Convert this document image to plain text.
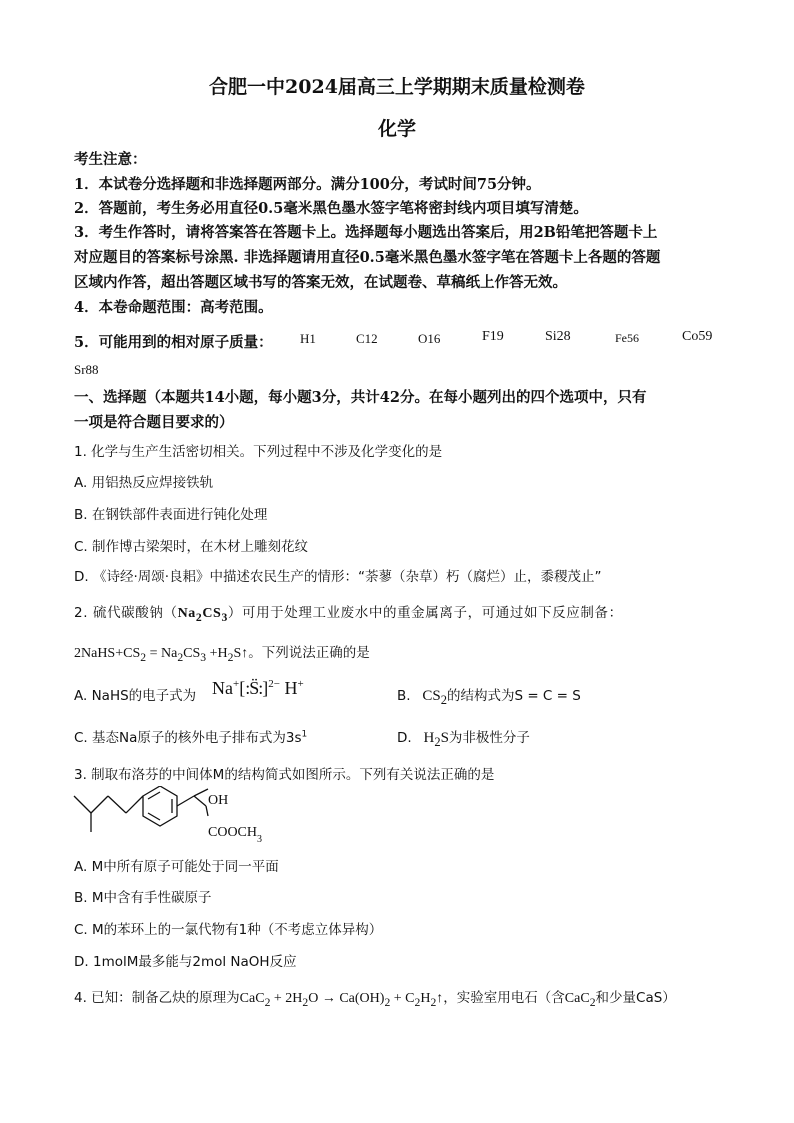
合肥一中2024届高三上学期期末质量检测卷
化学
考生注意：
1．本试卷分选择题和非选择题两部分。满分100分，考试时间75分钟。
2．答题前，考生务必用直径0.5毫米黑色墨水签字笔将密封线内项目填写清楚。
3．考生作答时，请将答案答在答题卡上。选择题每小题选出答案后，用2B铅笔把答题卡上
对应题目的答案标号涂黑. 非选择题请用直径0.5毫米黑色墨水签字笔在答题卡上各题的答题
区域内作答，超出答题区域书写的答案无效，在试题卷、草稿纸上作答无效。
4．本卷命题范围：高考范围。
5．可能用到的相对原子质量： H1	C12	O16	F19	Si28	Fe56	Co59
Sr88
一、选择题（本题共14小题，每小题3分，共计42分。在每小题列出的四个选项中，只有
一项是符合题目要求的）
1. 化学与生产生活密切相关。下列过程中不涉及化学变化的是
A. 用铝热反应焊接铁轨
B. 在钢铁部件表面进行钝化处理
C. 制作博古梁架时，在木材上雕刻花纹
D. 《诗经·周颂·良耜》中描述农民生产的情形：“荼蓼（杂草）朽（腐烂）止，黍稷茂止”
2. 硫代碳酸钠$(Na_2CS_3)$可用于处理工业废水中的重金属离子，可通过如下反应制备：
$2NaHS+CS_2 = Na_2CS_3$ $+H_2S↑$。下列说法正确的是
A. NaHS的电子式为 Na+[:S̈:]$^{2-}$ H+
B.   $CS_2$的结构式为S = C = S
C. 基态Na原子的核外电子排布式为$3s^1$	D.   $H_2S$为非极性分子
3. 制取布洛芬的中间体M的结构简式如图所示。下列有关说法正确的是
OH
$COOCH_3$
A. M中所有原子可能处于同一平面
B. M中含有手性碳原子
C. M的苯环上的一氯代物有1种（不考虑立体异构）
D. 1molM最多能与2mol NaOH反应
4. 已知：制备乙炔的原理为$CaC_2 + 2H_2O \to Ca(OH)_2$ + $C_2H_2↑$，实验室用电石（含CaC$_2$和少量CaS）
